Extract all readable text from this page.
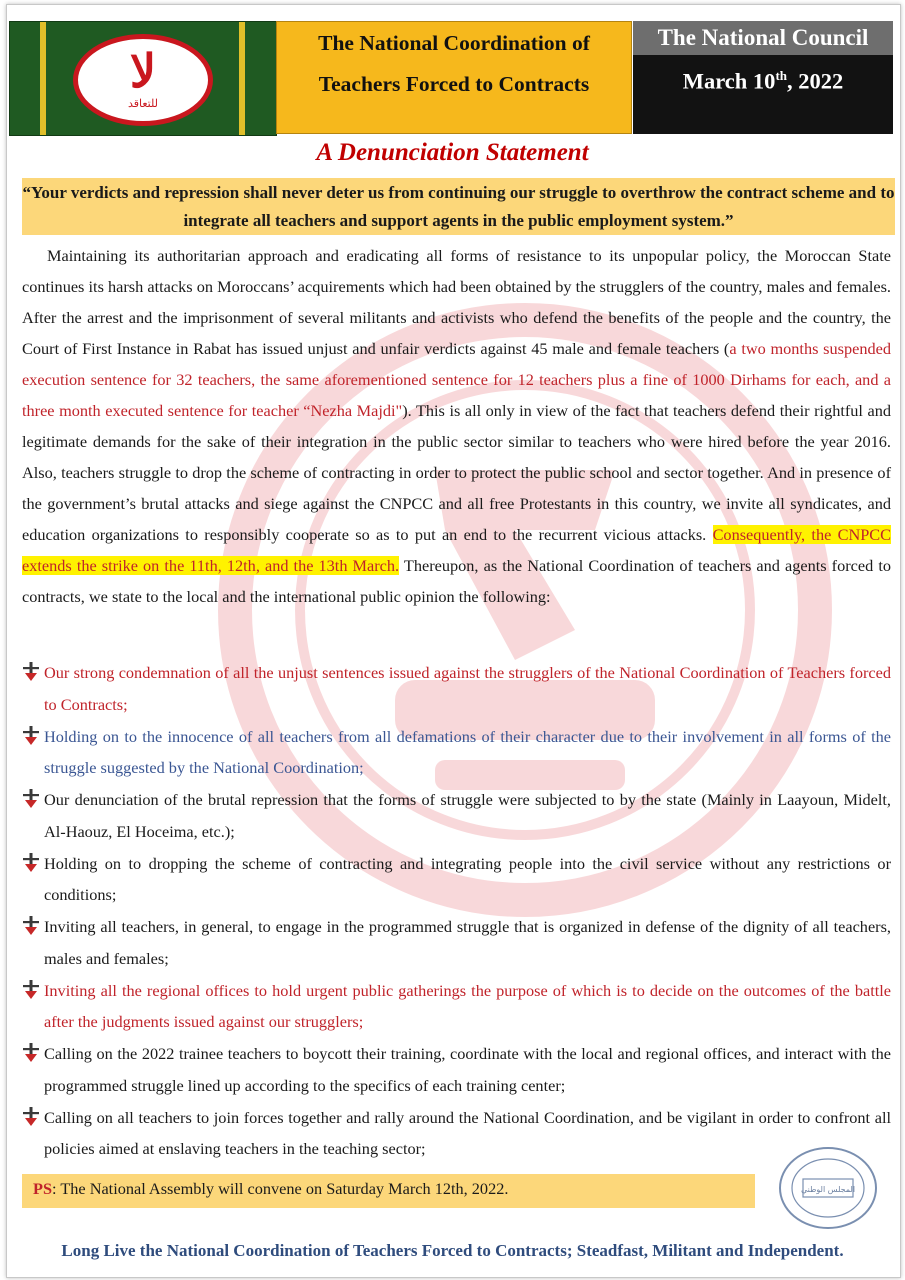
لا
للتعاقد
The National Coordination of
Teachers Forced to Contracts
The National Council
March 10th, 2022
A Denunciation Statement
“Your verdicts and repression shall never deter us from continuing our struggle to overthrow the contract scheme and to integrate all teachers and support agents in the public employment system.”
Maintaining its authoritarian approach and eradicating all forms of resistance to its unpopular policy, the Moroccan State continues its harsh attacks on Moroccans’ acquirements which had been obtained by the strugglers of the country, males and females. After the arrest and the imprisonment of several militants and activists who defend the benefits of the people and the country, the Court of First Instance in Rabat has issued unjust and unfair verdicts against 45 male and female teachers (a two months suspended execution sentence for 32 teachers, the same aforementioned sentence for 12 teachers plus a fine of 1000 Dirhams for each, and a three month executed sentence for teacher “Nezha Majdi"). This is all only in view of the fact that teachers defend their rightful and legitimate demands for the sake of their integration in the public sector similar to teachers who were hired before the year 2016. Also, teachers struggle to drop the scheme of contracting in order to protect the public school and sector together. And in presence of the government’s brutal attacks and siege against the CNPCC and all free Protestants in this country, we invite all syndicates, and education organizations to responsibly cooperate so as to put an end to the recurrent vicious attacks. Consequently, the CNPCC extends the strike on the 11th, 12th, and the 13th March. Thereupon, as the National Coordination of teachers and agents forced to contracts, we state to the local and the international public opinion the following:
Our strong condemnation of all the unjust sentences issued against the strugglers of the National Coordination of Teachers forced to Contracts;
Holding on to the innocence of all teachers from all defamations of their character due to their involvement in all forms of the struggle suggested by the National Coordination;
Our denunciation of the brutal repression that the forms of struggle were subjected to by the state (Mainly in Laayoun, Midelt, Al-Haouz, El Hoceima, etc.);
Holding on to dropping the scheme of contracting and integrating people into the civil service without any restrictions or conditions;
Inviting all teachers, in general, to engage in the programmed struggle that is organized in defense of the dignity of all teachers, males and females;
Inviting all the regional offices to hold urgent public gatherings the purpose of which is to decide on the outcomes of the battle after the judgments issued against our strugglers;
Calling on the 2022 trainee teachers to boycott their training, coordinate with the local and regional offices, and interact with the programmed struggle lined up according to the specifics of each training center;
Calling on all teachers to join forces together and rally around the National Coordination, and be vigilant in order to confront all policies aimed at enslaving teachers in the teaching sector;
PS: The National Assembly will convene on Saturday March 12th, 2022.	المجلس الوطني
Long Live the National Coordination of Teachers Forced to Contracts; Steadfast, Militant and Independent.
